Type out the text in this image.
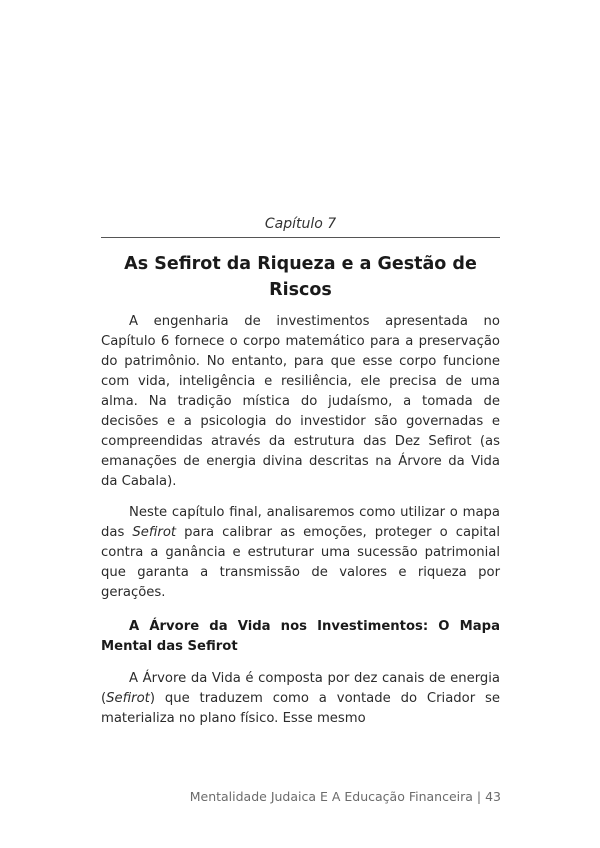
Capítulo 7
As Sefirot da Riqueza e a Gestão de Riscos

A engenharia de investimentos apresentada no Capítulo 6 fornece o corpo matemático para a preservação do patrimônio. No entanto, para que esse corpo funcione com vida, inteligência e resiliência, ele precisa de uma alma. Na tradição mística do judaísmo, a tomada de decisões e a psicologia do investidor são governadas e compreendidas através da estrutura das Dez Sefirot (as emanações de energia divina descritas na Árvore da Vida da Cabala).

Neste capítulo final, analisaremos como utilizar o mapa das Sefirot para calibrar as emoções, proteger o capital contra a ganância e estruturar uma sucessão patrimonial que garanta a transmissão de valores e riqueza por gerações.

A Árvore da Vida nos Investimentos: O Mapa Mental das Sefirot

A Árvore da Vida é composta por dez canais de energia (Sefirot) que traduzem como a vontade do Criador se materializa no plano físico. Esse mesmo

Mentalidade Judaica E A Educação Financeira | 43
